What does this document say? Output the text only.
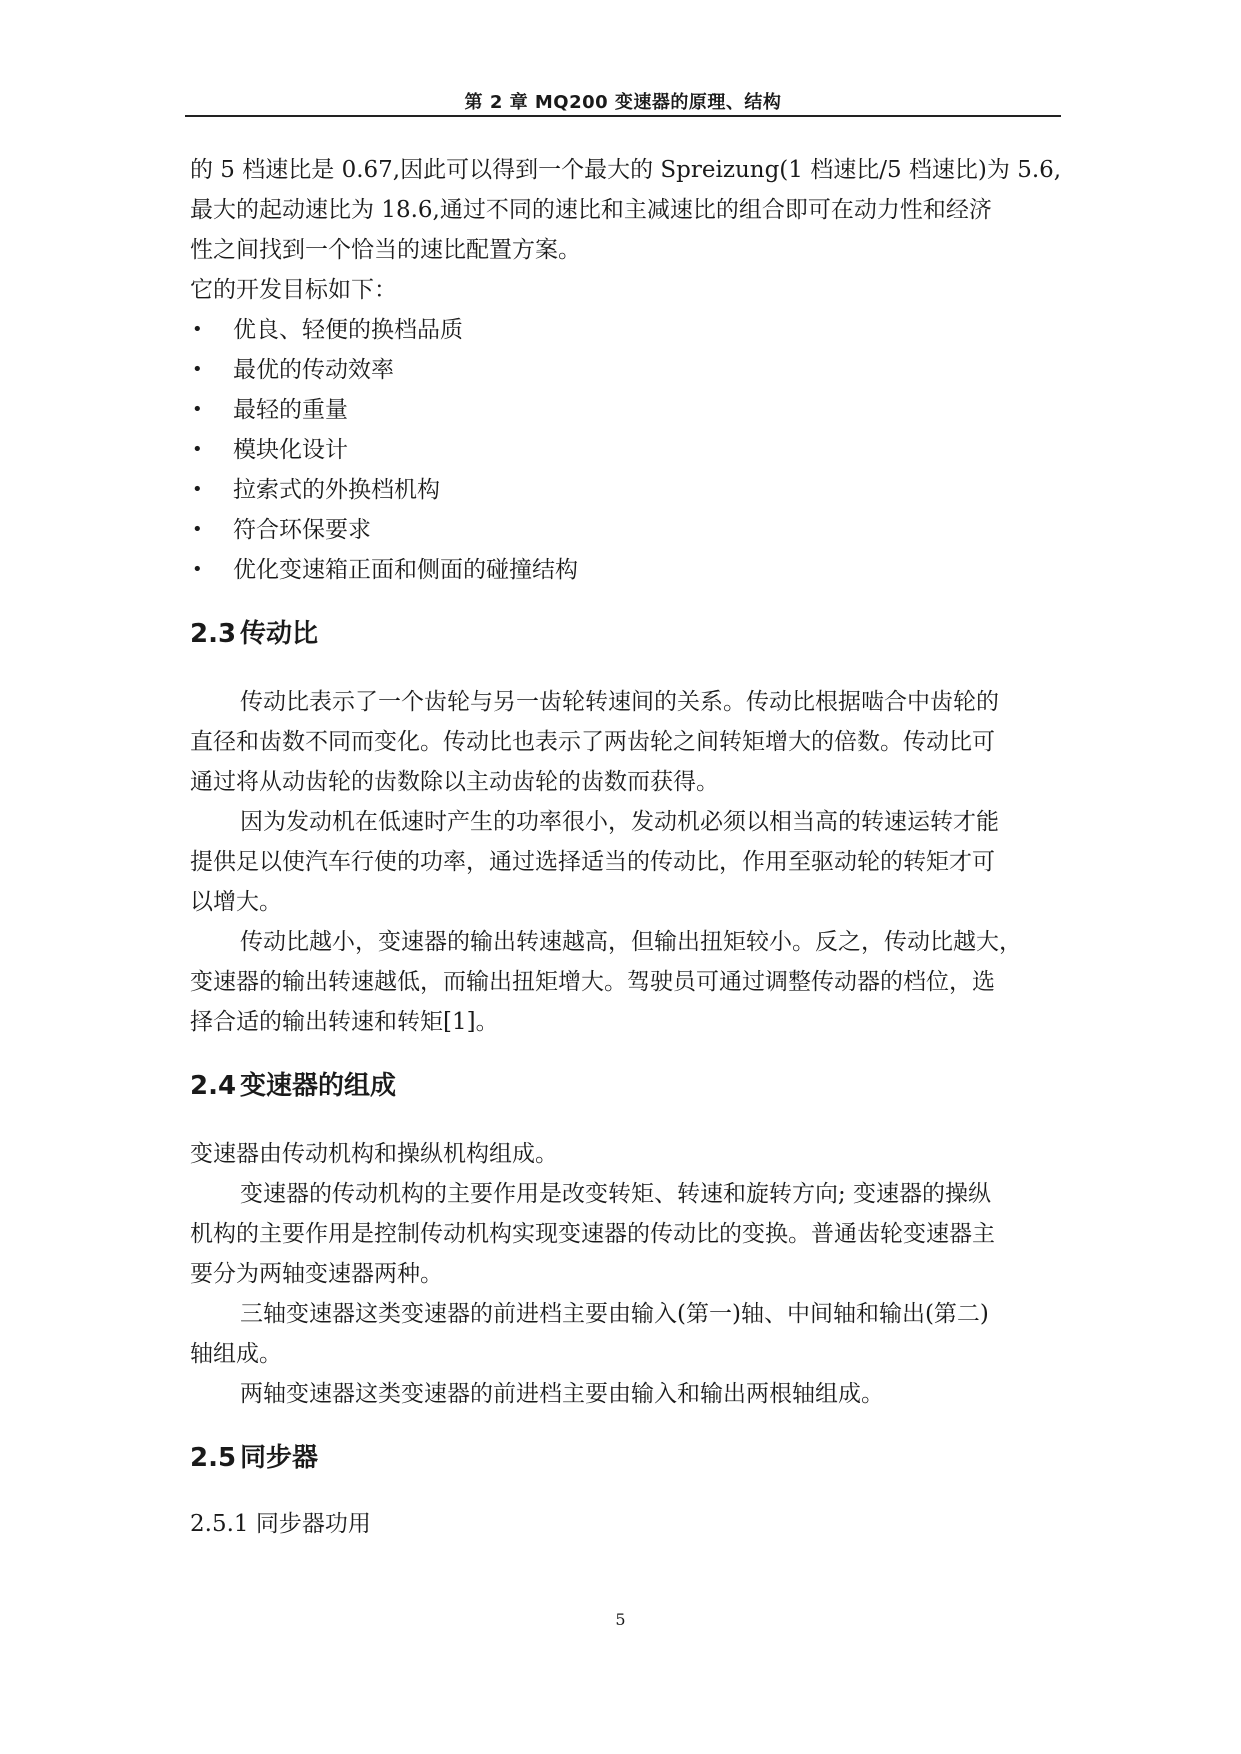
第 2 章 MQ200 变速器的原理、结构
的 5 档速比是 0.67,因此可以得到一个最大的 Spreizung(1 档速比/5 档速比)为 5.6,
最大的起动速比为 18.6,通过不同的速比和主减速比的组合即可在动力性和经济
性之间找到一个恰当的速比配置方案。
它的开发目标如下：
• 优良、轻便的换档品质
• 最优的传动效率
• 最轻的重量
• 模块化设计
• 拉索式的外换档机构
• 符合环保要求
• 优化变速箱正面和侧面的碰撞结构
2.3 传动比
传动比表示了一个齿轮与另一齿轮转速间的关系。传动比根据啮合中齿轮的
直径和齿数不同而变化。传动比也表示了两齿轮之间转矩增大的倍数。传动比可
通过将从动齿轮的齿数除以主动齿轮的齿数而获得。
因为发动机在低速时产生的功率很小，发动机必须以相当高的转速运转才能
提供足以使汽车行使的功率，通过选择适当的传动比，作用至驱动轮的转矩才可
以增大。
传动比越小，变速器的输出转速越高，但输出扭矩较小。反之，传动比越大，
变速器的输出转速越低，而输出扭矩增大。驾驶员可通过调整传动器的档位，选
择合适的输出转速和转矩[1]。
2.4 变速器的组成
变速器由传动机构和操纵机构组成。
变速器的传动机构的主要作用是改变转矩、转速和旋转方向; 变速器的操纵
机构的主要作用是控制传动机构实现变速器的传动比的变换。普通齿轮变速器主
要分为两轴变速器两种。
三轴变速器这类变速器的前进档主要由输入(第一)轴、中间轴和输出(第二)
轴组成。
两轴变速器这类变速器的前进档主要由输入和输出两根轴组成。
2.5 同步器
2.5.1 同步器功用
5
